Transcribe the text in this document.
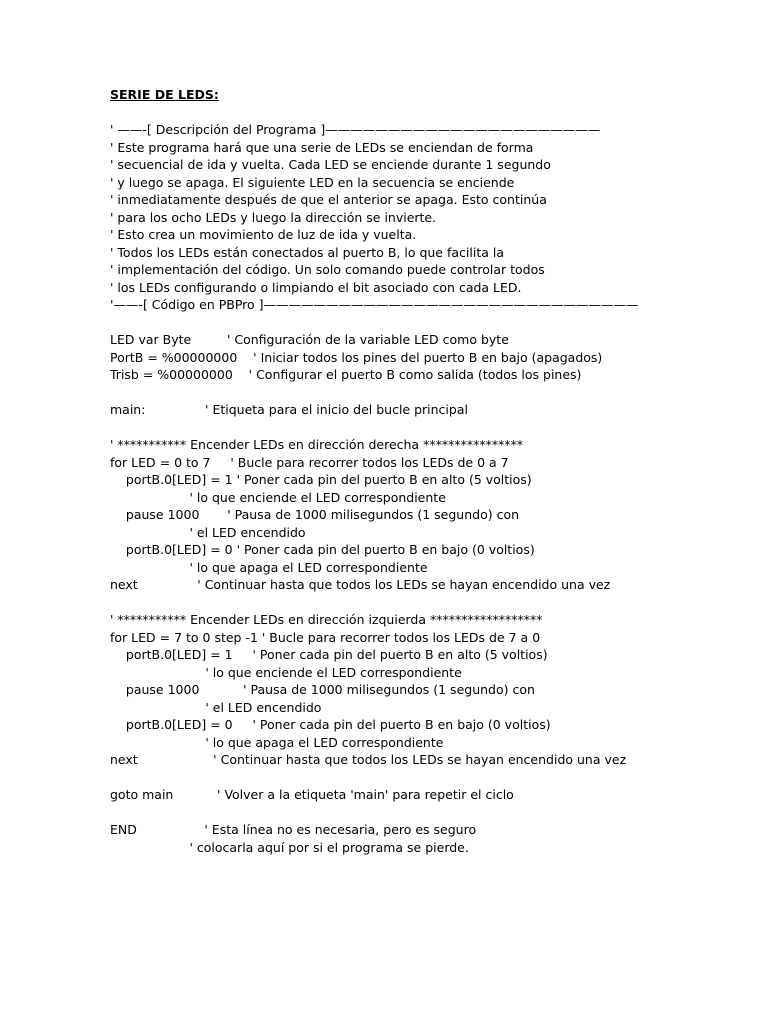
SERIE DE LEDS:
' ——-[ Descripción del Programa ]——————————————————————
' Este programa hará que una serie de LEDs se enciendan de forma
' secuencial de ida y vuelta. Cada LED se enciende durante 1 segundo
' y luego se apaga. El siguiente LED en la secuencia se enciende
' inmediatamente después de que el anterior se apaga. Esto continúa
' para los ocho LEDs y luego la dirección se invierte.
' Esto crea un movimiento de luz de ida y vuelta.
' Todos los LEDs están conectados al puerto B, lo que facilita la
' implementación del código. Un solo comando puede controlar todos
' los LEDs configurando o limpiando el bit asociado con cada LED.
'——-[ Código en PBPro ]——————————————————————————————
LED var Byte         ' Configuración de la variable LED como byte
PortB = %00000000    ' Iniciar todos los pines del puerto B en bajo (apagados)
Trisb = %00000000    ' Configurar el puerto B como salida (todos los pines)
main:               ' Etiqueta para el inicio del bucle principal
' *********** Encender LEDs en dirección derecha ****************
for LED = 0 to 7     ' Bucle para recorrer todos los LEDs de 0 a 7
portB.0[LED] = 1 ' Poner cada pin del puerto B en alto (5 voltios)
' lo que enciende el LED correspondiente
pause 1000       ' Pausa de 1000 milisegundos (1 segundo) con
' el LED encendido
portB.0[LED] = 0 ' Poner cada pin del puerto B en bajo (0 voltios)
' lo que apaga el LED correspondiente
next               ' Continuar hasta que todos los LEDs se hayan encendido una vez
' *********** Encender LEDs en dirección izquierda ******************
for LED = 7 to 0 step -1 ' Bucle para recorrer todos los LEDs de 7 a 0
portB.0[LED] = 1     ' Poner cada pin del puerto B en alto (5 voltios)
' lo que enciende el LED correspondiente
pause 1000           ' Pausa de 1000 milisegundos (1 segundo) con
' el LED encendido
portB.0[LED] = 0     ' Poner cada pin del puerto B en bajo (0 voltios)
' lo que apaga el LED correspondiente
next                   ' Continuar hasta que todos los LEDs se hayan encendido una vez
goto main           ' Volver a la etiqueta 'main' para repetir el ciclo
END                 ' Esta línea no es necesaria, pero es seguro
' colocarla aquí por si el programa se pierde.
